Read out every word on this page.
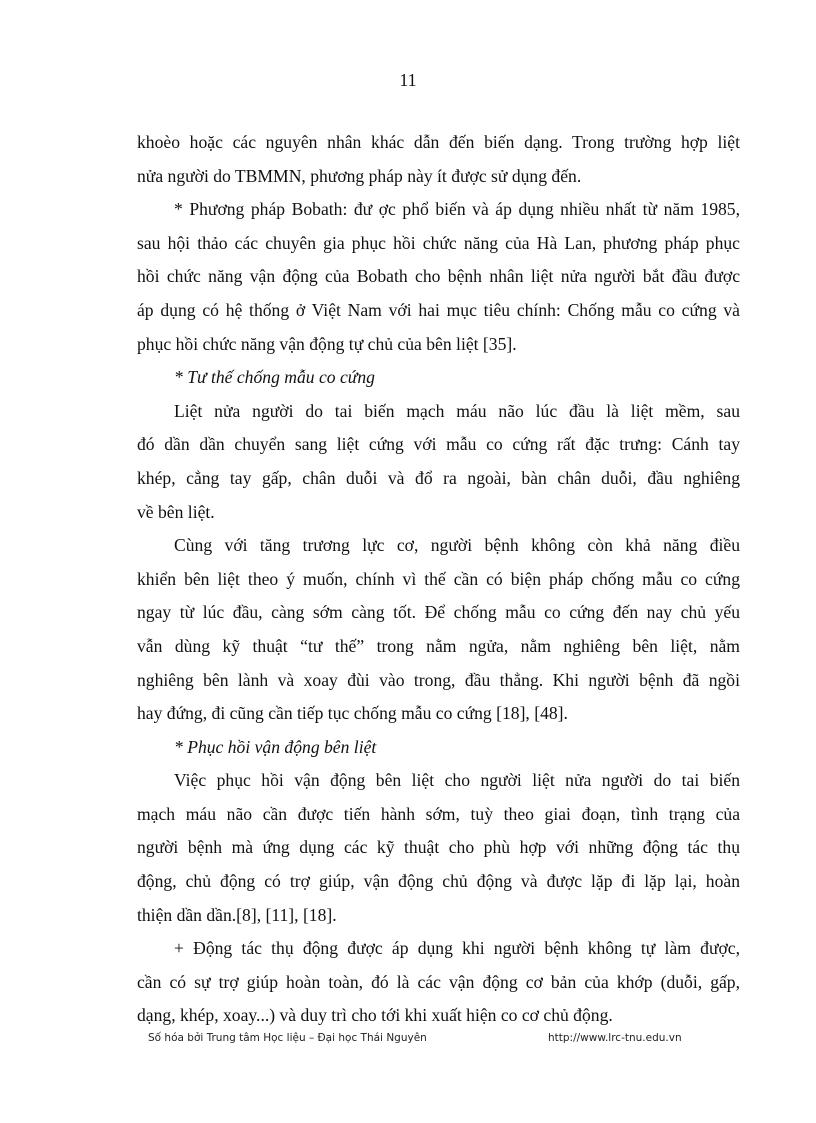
11
khoèo hoặc các nguyên nhân khác dẫn đến biến dạng. Trong trường hợp liệt
nửa người do TBMMN, phương pháp này ít được sử dụng đến.
* Phương pháp Bobath: đư ợc phổ biến và áp dụng nhiều nhất từ năm 1985,
sau hội thảo các chuyên gia phục hồi chức năng của Hà Lan, phương pháp phục
hồi chức năng vận động của Bobath cho bệnh nhân liệt nửa người bắt đầu được
áp dụng có hệ thống ở Việt Nam với hai mục tiêu chính: Chống mẫu co cứng và
phục hồi chức năng vận động tự chủ của bên liệt [35].
* Tư thế chống mẫu co cứng
Liệt nửa người do tai biến mạch máu não lúc đầu là liệt mềm, sau
đó dần dần chuyển sang liệt cứng với mẫu co cứng rất đặc trưng: Cánh tay
khép, cẳng tay gấp, chân duỗi và đổ ra ngoài, bàn chân duỗi, đầu nghiêng
về bên liệt.
Cùng với tăng trương lực cơ, người bệnh không còn khả năng điều
khiển bên liệt theo ý muốn, chính vì thế cần có biện pháp chống mẫu co cứng
ngay từ lúc đầu, càng sớm càng tốt. Để chống mẫu co cứng đến nay chủ yếu
vẫn dùng kỹ thuật “tư thế” trong nằm ngửa, nằm nghiêng bên liệt, nằm
nghiêng bên lành và xoay đùi vào trong, đầu thẳng. Khi người bệnh đã ngồi
hay đứng, đi cũng cần tiếp tục chống mẫu co cứng [18], [48].
* Phục hồi vận động bên liệt
Việc phục hồi vận động bên liệt cho người liệt nửa người do tai biến
mạch máu não cần được tiến hành sớm, tuỳ theo giai đoạn, tình trạng của
người bệnh mà ứng dụng các kỹ thuật cho phù hợp với những động tác thụ
động, chủ động có trợ giúp, vận động chủ động và được lặp đi lặp lại, hoàn
thiện dần dần.[8], [11], [18].
+ Động tác thụ động được áp dụng khi người bệnh không tự làm được,
cần có sự trợ giúp hoàn toàn, đó là các vận động cơ bản của khớp (duỗi, gấp,
dạng, khép, xoay...) và duy trì cho tới khi xuất hiện co cơ chủ động.
Số hóa bởi Trung tâm Học liệu – Đại học Thái Nguyên	http://www.lrc-tnu.edu.vn
